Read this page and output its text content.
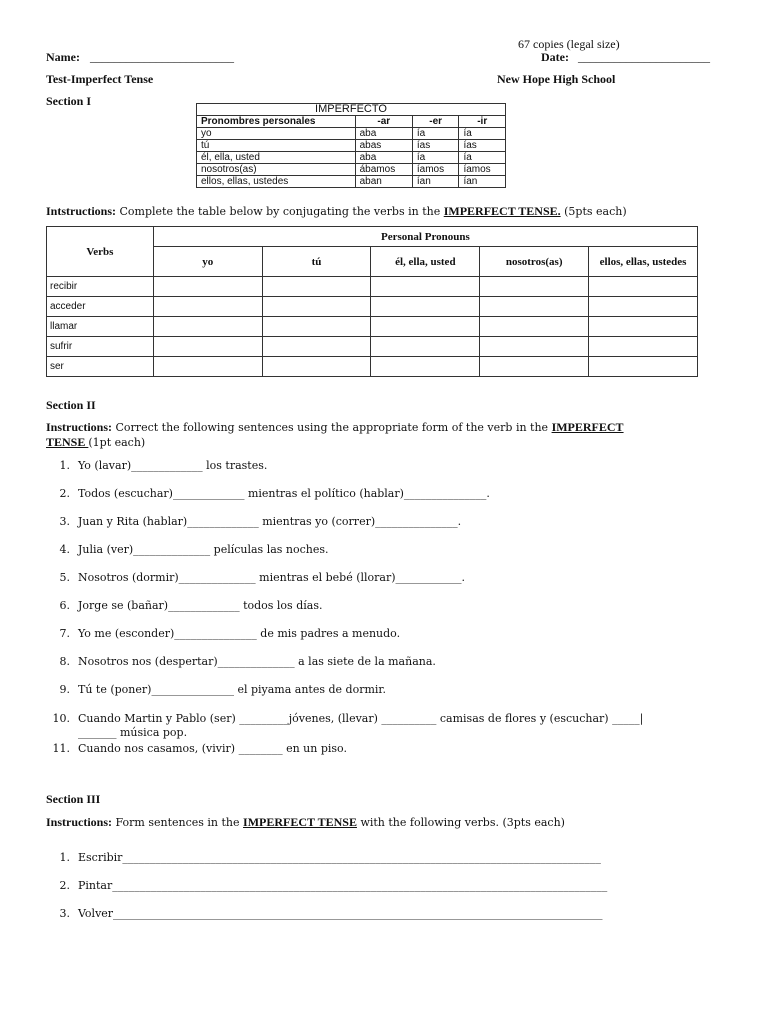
67 copies (legal size)
Name: ________________________	Date: ______________________
Test-Imperfect Tense	New Hope High School
Section I
IMPERFECTO			
Pronombres personales	-ar	-er	-ir
yo	aba	ía	ía
tú	abas	ías	ías
él, ella, usted	aba	ía	ía
nosotros(as)	ábamos	íamos	íamos
ellos, ellas, ustedes	aban	ían	ían
Intstructions: Complete the table below by conjugating the verbs in the IMPERFECT TENSE. (5pts each)
Verbs	Personal Pronouns				
	yo	tú	él, ella, usted	nosotros(as)	ellos, ellas, ustedes
recibir					
acceder					
llamar					
sufrir					
ser					
Section II
Instructions: Correct the following sentences using the appropriate form of the verb in the IMPERFECT
TENSE (1pt each)
1. Yo (lavar)_____________ los trastes.
2. Todos (escuchar)_____________ mientras el político (hablar)_______________.
3. Juan y Rita (hablar)_____________ mientras yo (correr)_______________.
4. Julia (ver)______________ películas las noches.
5. Nosotros (dormir)______________ mientras el bebé (llorar)____________.
6. Jorge se (bañar)_____________ todos los días.
7. Yo me (esconder)_______________ de mis padres a menudo.
8. Nosotros nos (despertar)______________ a las siete de la mañana.
9. Tú te (poner)_______________ el piyama antes de dormir.
10. Cuando Martin y Pablo (ser) _________jóvenes, (llevar) __________ camisas de flores y (escuchar) _____|
_______ música pop.
11. Cuando nos casamos, (vivir) ________ en un piso.
Section III
Instructions: Form sentences in the IMPERFECT TENSE with the following verbs. (3pts each)
1. Escribir_______________________________________________________________________________________
2. Pintar__________________________________________________________________________________________
3. Volver_________________________________________________________________________________________
